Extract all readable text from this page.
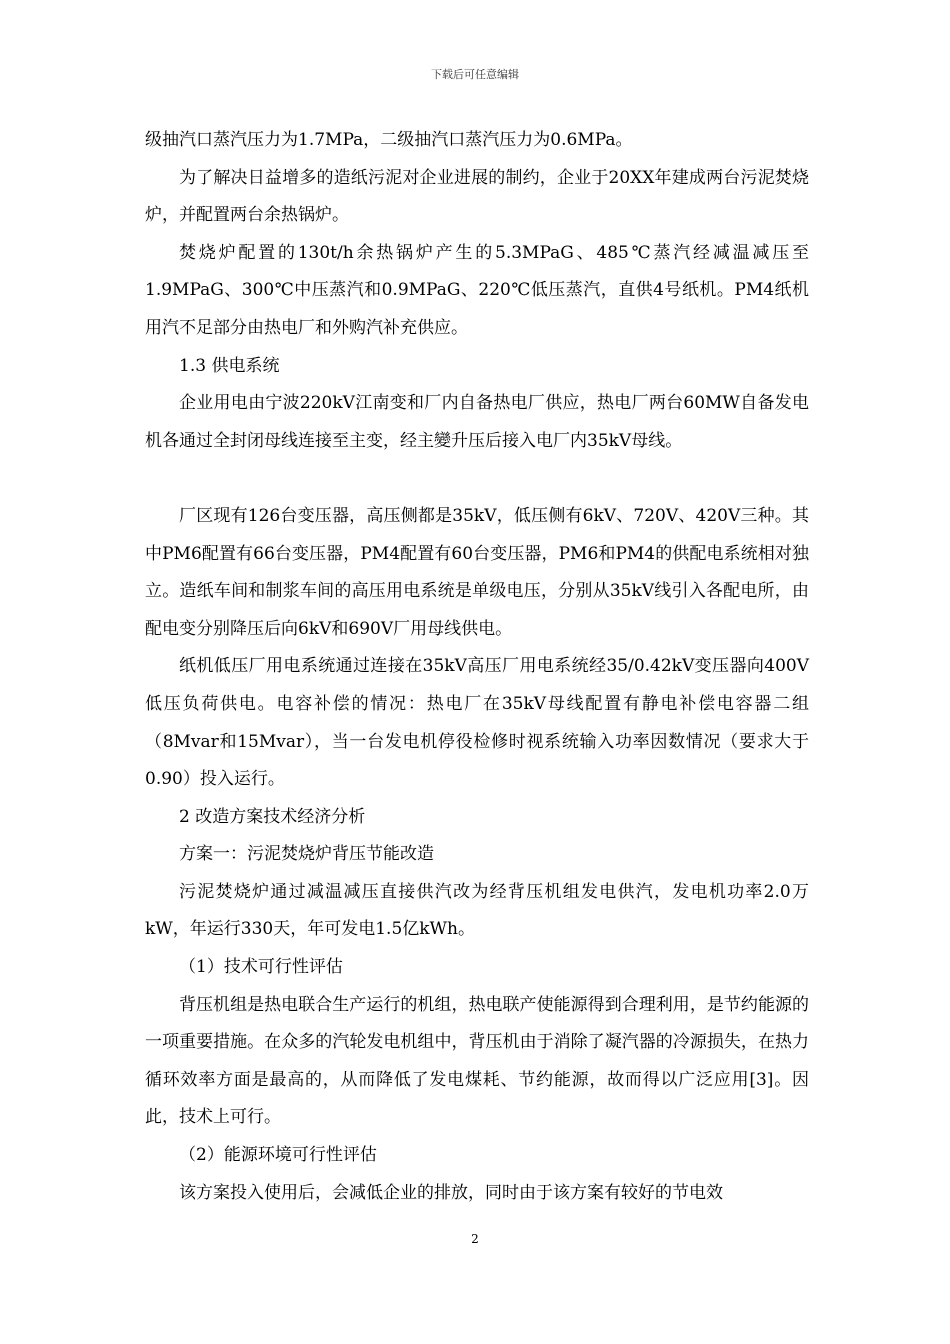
下载后可任意编辑

级抽汽口蒸汽压力为1.7MPa，二级抽汽口蒸汽压力为0.6MPa。

为了解决日益增多的造纸污泥对企业进展的制约，企业于20XX年建成两台污泥焚烧炉，并配置两台余热锅炉。

焚烧炉配置的130t/h余热锅炉产生的5.3MPaG、485℃蒸汽经减温减压至1.9MPaG、300℃中压蒸汽和0.9MPaG、220℃低压蒸汽，直供4号纸机。PM4纸机用汽不足部分由热电厂和外购汽补充供应。

1.3 供电系统

企业用电由宁波220kV江南变和厂内自备热电厂供应，热电厂两台60MW自备发电机各通过全封闭母线连接至主变，经主變升压后接入电厂内35kV母线。

厂区现有126台变压器，高压侧都是35kV，低压侧有6kV、720V、420V三种。其中PM6配置有66台变压器，PM4配置有60台变压器，PM6和PM4的供配电系统相对独立。造纸车间和制浆车间的高压用电系统是单级电压，分别从35kV线引入各配电所，由配电变分别降压后向6kV和690V厂用母线供电。

纸机低压厂用电系统通过连接在35kV高压厂用电系统经35/0.42kV变压器向400V低压负荷供电。电容补偿的情况：热电厂在35kV母线配置有静电补偿电容器二组（8Mvar和15Mvar），当一台发电机停役检修时视系统输入功率因数情况（要求大于0.90）投入运行。

2 改造方案技术经济分析

方案一：污泥焚烧炉背压节能改造

污泥焚烧炉通过减温减压直接供汽改为经背压机组发电供汽，发电机功率2.0万kW，年运行330天，年可发电1.5亿kWh。

（1）技术可行性评估

背压机组是热电联合生产运行的机组，热电联产使能源得到合理利用，是节约能源的一项重要措施。在众多的汽轮发电机组中，背压机由于消除了凝汽器的冷源损失，在热力循环效率方面是最高的，从而降低了发电煤耗、节约能源，故而得以广泛应用[3]。因此，技术上可行。

（2）能源环境可行性评估

该方案投入使用后，会减低企业的排放，同时由于该方案有较好的节电效

2
